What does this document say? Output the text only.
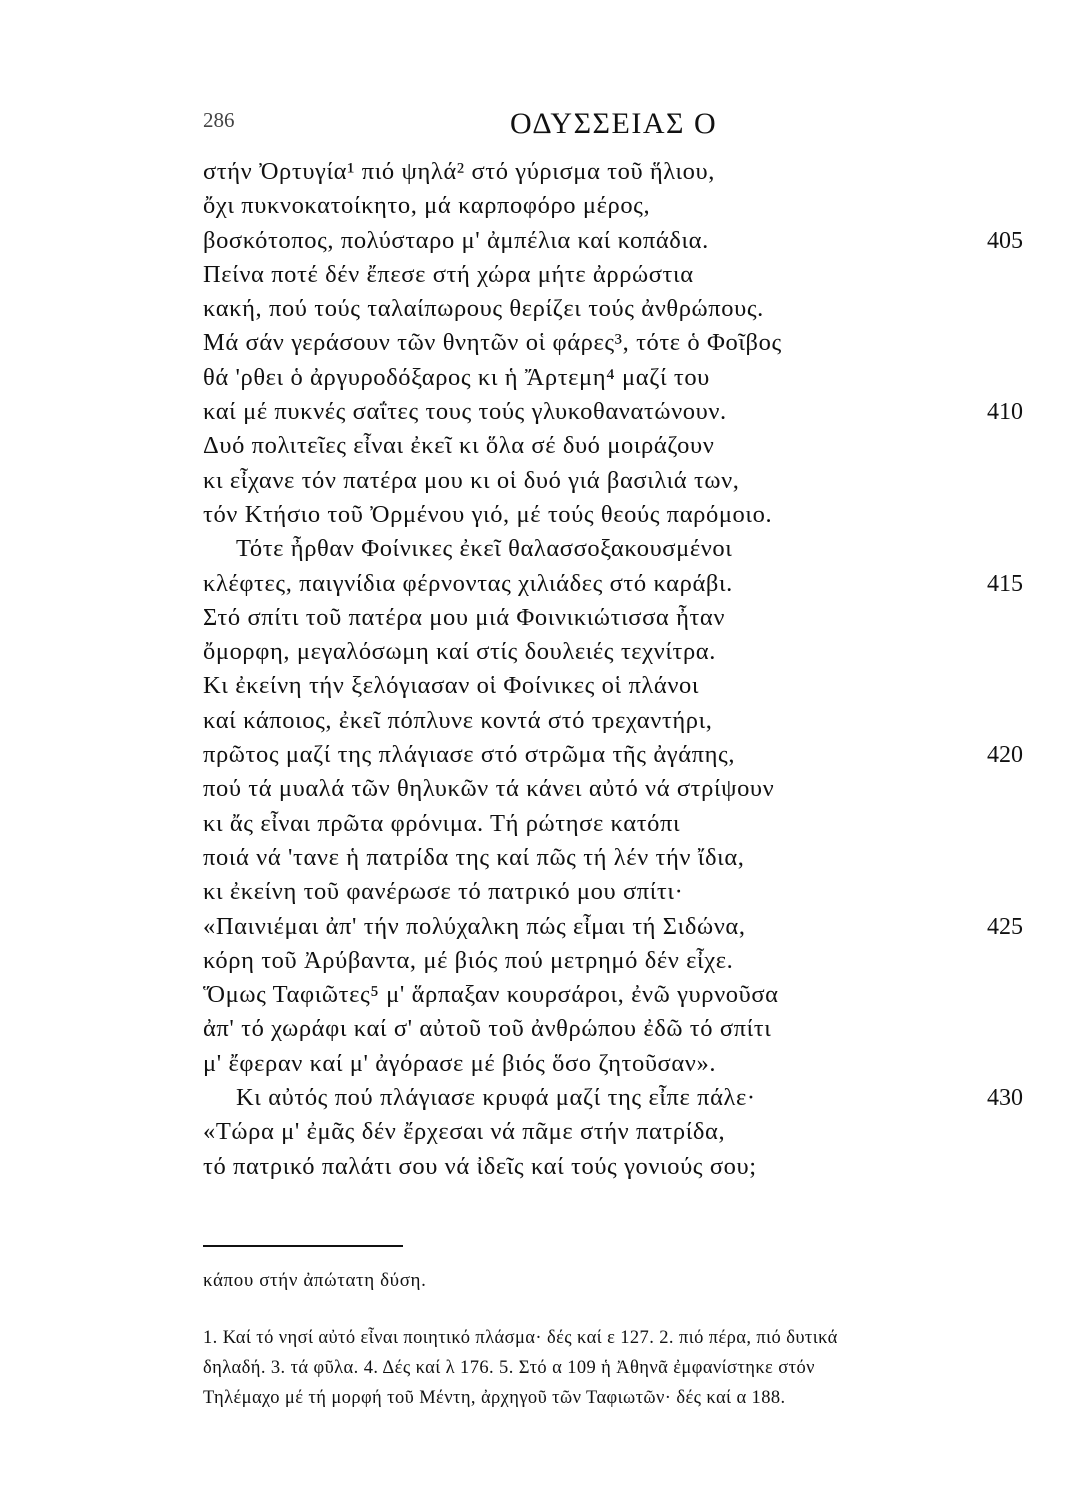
286	ΟΔΥΣΣΕΙΑΣ Ο
στήν Ὀρτυγία¹ πιό ψηλά² στό γύρισμα τοῦ ἥλιου,
ὄχι πυκνοκατοίκητο, μά καρποφόρο μέρος,
βοσκότοπος, πολύσταρο μ' ἀμπέλια καί κοπάδια.	405
Πείνα ποτέ δέν ἔπεσε στή χώρα μήτε ἀρρώστια
κακή, πού τούς ταλαίπωρους θερίζει τούς ἀνθρώπους.
Μά σάν γεράσουν τῶν θνητῶν οἱ φάρες³, τότε ὁ Φοῖβος
θά 'ρθει ὁ ἀργυροδόξαρος κι ἡ Ἄρτεμη⁴ μαζί του
καί μέ πυκνές σαΐτες τους τούς γλυκοθανατώνουν.	410
Δυό πολιτεῖες εἶναι ἐκεῖ κι ὅλα σέ δυό μοιράζουν
κι εἶχανε τόν πατέρα μου κι οἱ δυό γιά βασιλιά των,
τόν Κτήσιο τοῦ Ὀρμένου γιό, μέ τούς θεούς παρόμοιο.
Τότε ἦρθαν Φοίνικες ἐκεῖ θαλασσοξακουσμένοι
κλέφτες, παιγνίδια φέρνοντας χιλιάδες στό καράβι.	415
Στό σπίτι τοῦ πατέρα μου μιά Φοινικιώτισσα ἦταν
ὄμορφη, μεγαλόσωμη καί στίς δουλειές τεχνίτρα.
Κι ἐκείνη τήν ξελόγιασαν οἱ Φοίνικες οἱ πλάνοι
καί κάποιος, ἐκεῖ πόπλυνε κοντά στό τρεχαντήρι,
πρῶτος μαζί της πλάγιασε στό στρῶμα τῆς ἀγάπης,	420
πού τά μυαλά τῶν θηλυκῶν τά κάνει αὐτό νά στρίψουν
κι ἄς εἶναι πρῶτα φρόνιμα. Τή ρώτησε κατόπι
ποιά νά 'τανε ἡ πατρίδα της καί πῶς τή λέν τήν ἴδια,
κι ἐκείνη τοῦ φανέρωσε τό πατρικό μου σπίτι·
«Παινιέμαι ἀπ' τήν πολύχαλκη πώς εἶμαι τή Σιδώνα,	425
κόρη τοῦ Ἀρύβαντα, μέ βιός πού μετρημό δέν εἶχε.
Ὅμως Ταφιῶτες⁵ μ' ἅρπαξαν κουρσάροι, ἐνῶ γυρνοῦσα
ἀπ' τό χωράφι καί σ' αὐτοῦ τοῦ ἀνθρώπου ἐδῶ τό σπίτι
μ' ἔφεραν καί μ' ἀγόρασε μέ βιός ὅσο ζητοῦσαν».
Κι αὐτός πού πλάγιασε κρυφά μαζί της εἶπε πάλε·	430
«Τώρα μ' ἐμᾶς δέν ἔρχεσαι νά πᾶμε στήν πατρίδα,
τό πατρικό παλάτι σου νά ἰδεῖς καί τούς γονιούς σου;
κάπου στήν ἀπώτατη δύση.
1. Καί τό νησί αὐτό εἶναι ποιητικό πλάσμα· δές καί ε 127. 2. πιό πέρα, πιό δυτικά
δηλαδή. 3. τά φῦλα. 4. Δές καί λ 176. 5. Στό α 109 ἡ Ἀθηνᾶ ἐμφανίστηκε στόν
Τηλέμαχο μέ τή μορφή τοῦ Μέντη, ἀρχηγοῦ τῶν Ταφιωτῶν· δές καί α 188.
